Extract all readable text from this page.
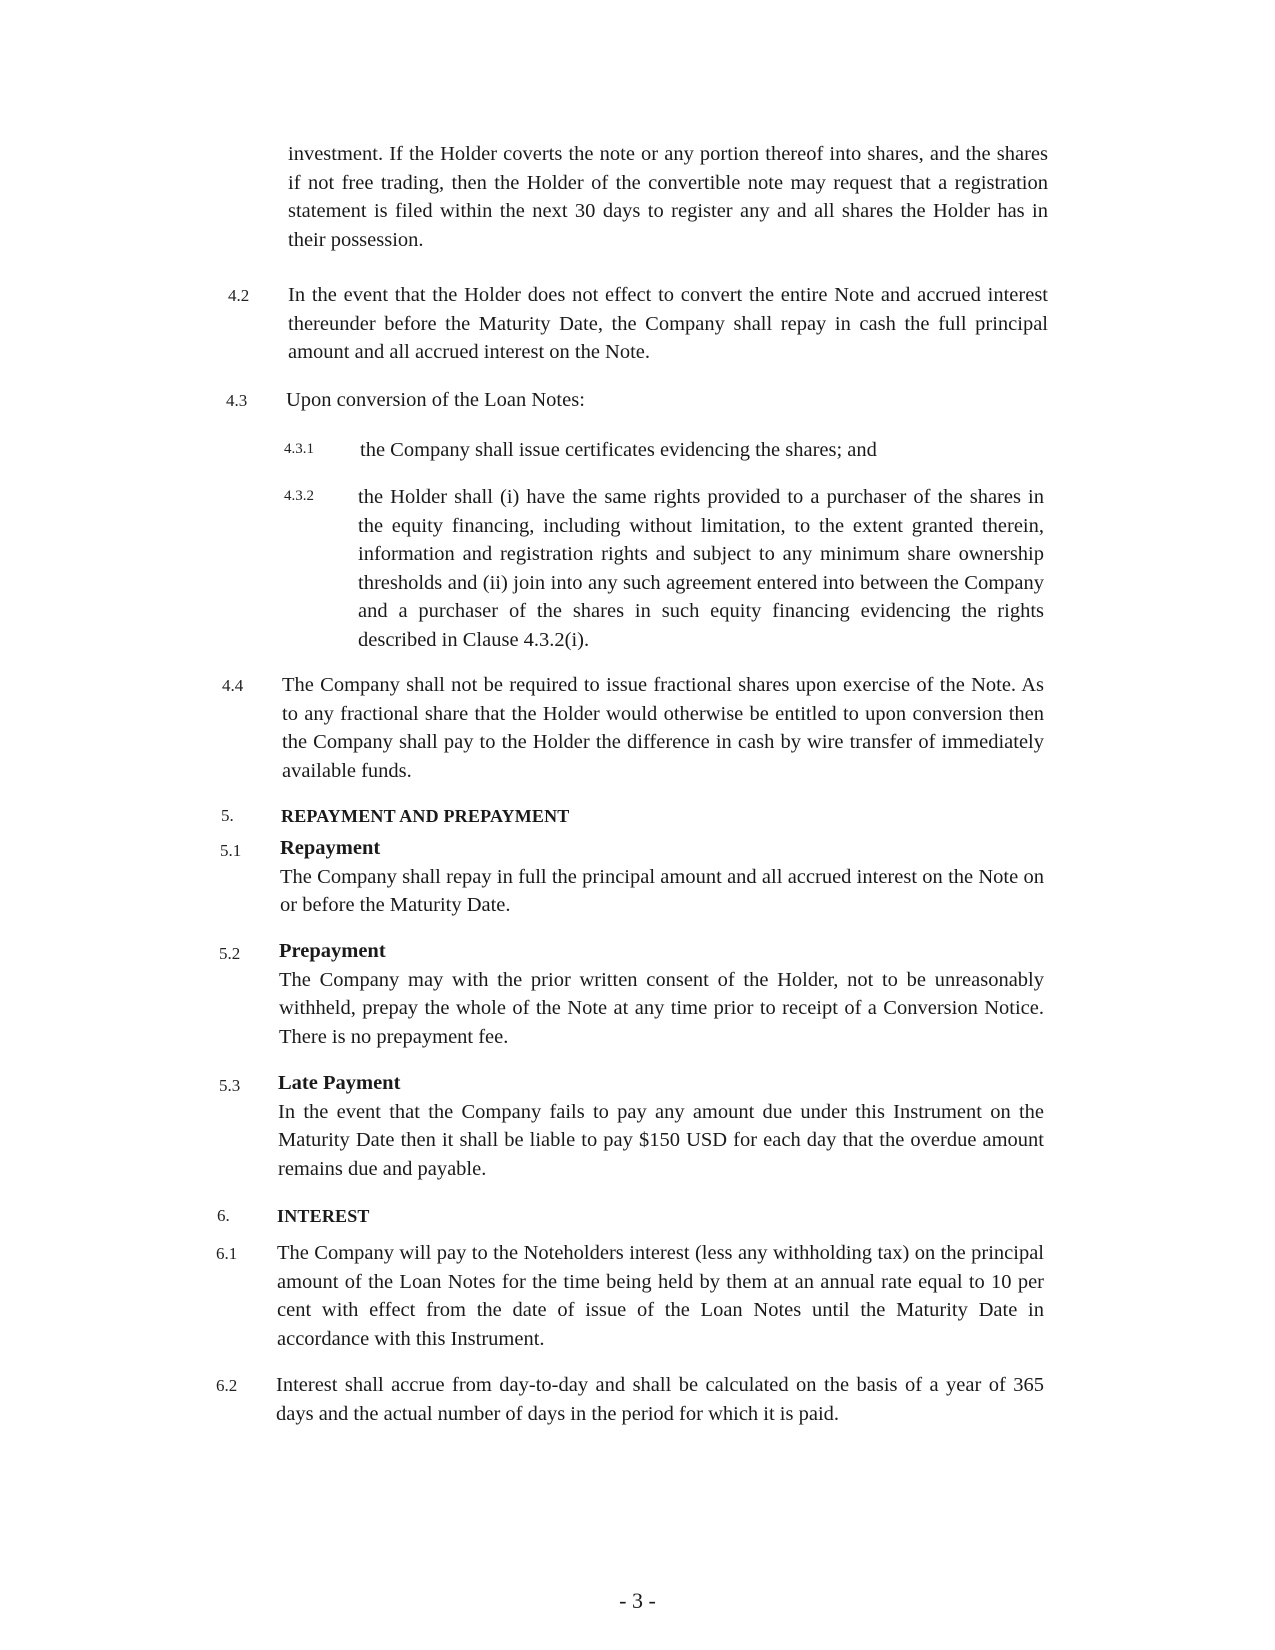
investment. If the Holder coverts the note or any portion thereof into shares, and the shares if not free trading, then the Holder of the convertible note may request that a registration statement is filed within the next 30 days to register any and all shares the Holder has in their possession.

4.2 In the event that the Holder does not effect to convert the entire Note and accrued interest thereunder before the Maturity Date, the Company shall repay in cash the full principal amount and all accrued interest on the Note.

4.3 Upon conversion of the Loan Notes:

4.3.1 the Company shall issue certificates evidencing the shares; and

4.3.2 the Holder shall (i) have the same rights provided to a purchaser of the shares in the equity financing, including without limitation, to the extent granted therein, information and registration rights and subject to any minimum share ownership thresholds and (ii) join into any such agreement entered into between the Company and a purchaser of the shares in such equity financing evidencing the rights described in Clause 4.3.2(i).

4.4 The Company shall not be required to issue fractional shares upon exercise of the Note. As to any fractional share that the Holder would otherwise be entitled to upon conversion then the Company shall pay to the Holder the difference in cash by wire transfer of immediately available funds.

5.	REPAYMENT AND PREPAYMENT
5.1 Repayment
The Company shall repay in full the principal amount and all accrued interest on the Note on or before the Maturity Date.
5.2 Prepayment
The Company may with the prior written consent of the Holder, not to be unreasonably withheld, prepay the whole of the Note at any time prior to receipt of a Conversion Notice. There is no prepayment fee.
5.3 Late Payment
In the event that the Company fails to pay any amount due under this Instrument on the Maturity Date then it shall be liable to pay $150 USD for each day that the overdue amount remains due and payable.
6.	INTEREST
6.1 The Company will pay to the Noteholders interest (less any withholding tax) on the principal amount of the Loan Notes for the time being held by them at an annual rate equal to 10 per cent with effect from the date of issue of the Loan Notes until the Maturity Date in accordance with this Instrument.

6.2 Interest shall accrue from day-to-day and shall be calculated on the basis of a year of 365 days and the actual number of days in the period for which it is paid.

- 3 -
